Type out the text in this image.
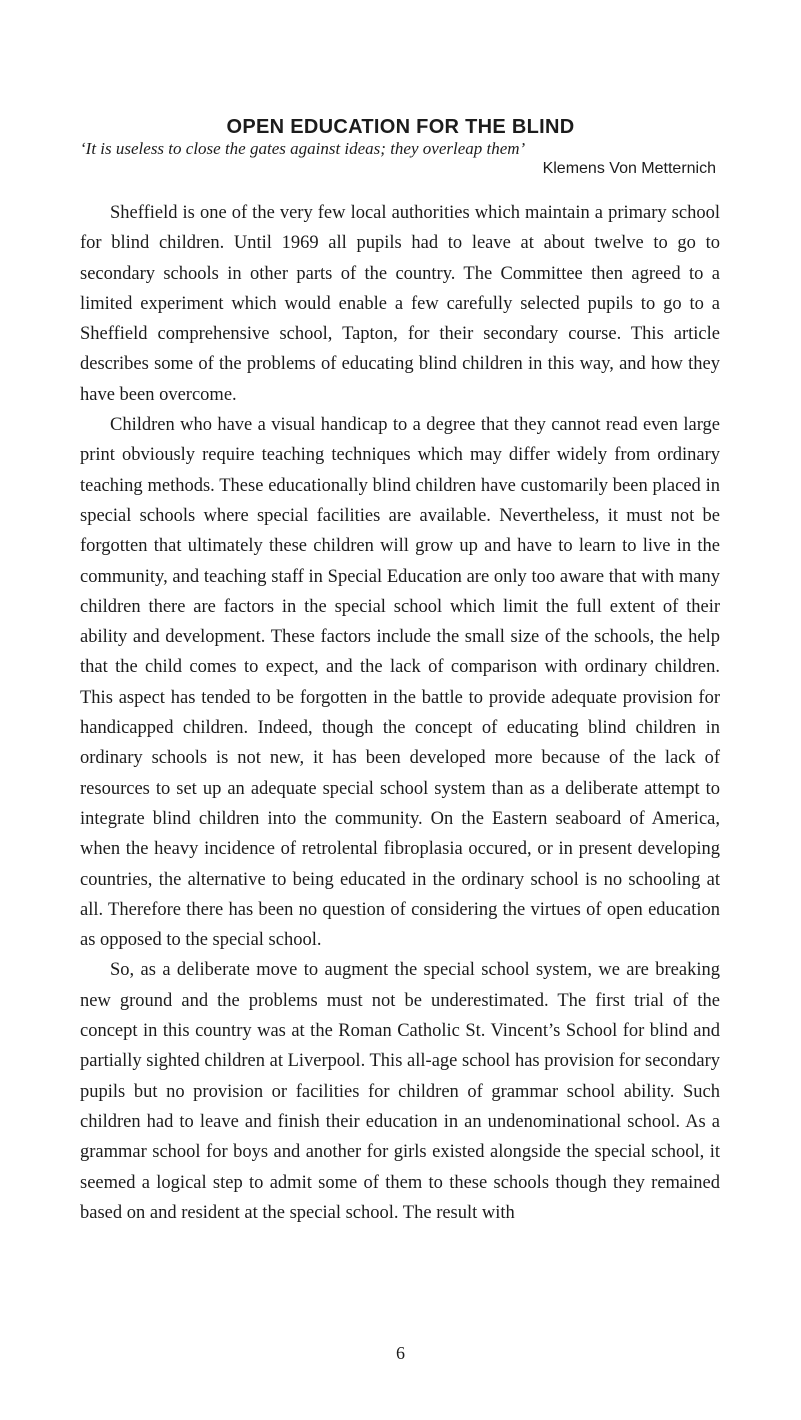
OPEN EDUCATION FOR THE BLIND
‘It is useless to close the gates against ideas; they overleap them’
Klemens Von Metternich

Sheffield is one of the very few local authorities which maintain a primary school for blind children. Until 1969 all pupils had to leave at about twelve to go to secondary schools in other parts of the country. The Committee then agreed to a limited experiment which would enable a few carefully selected pupils to go to a Sheffield comprehensive school, Tapton, for their secondary course. This article describes some of the problems of educating blind children in this way, and how they have been overcome.

Children who have a visual handicap to a degree that they cannot read even large print obviously require teaching techniques which may differ widely from ordinary teaching methods. These educationally blind children have customarily been placed in special schools where special facilities are available. Nevertheless, it must not be forgotten that ultimately these children will grow up and have to learn to live in the community, and teaching staff in Special Education are only too aware that with many children there are factors in the special school which limit the full extent of their ability and development. These factors include the small size of the schools, the help that the child comes to expect, and the lack of comparison with ordinary children. This aspect has tended to be forgotten in the battle to provide adequate provision for handicapped children. Indeed, though the concept of educating blind children in ordinary schools is not new, it has been developed more because of the lack of resources to set up an adequate special school system than as a deliberate attempt to integrate blind children into the community. On the Eastern seaboard of America, when the heavy incidence of retrolental fibroplasia occured, or in present developing countries, the alternative to being educated in the ordinary school is no schooling at all. Therefore there has been no question of considering the virtues of open education as opposed to the special school.

So, as a deliberate move to augment the special school system, we are breaking new ground and the problems must not be underestimated. The first trial of the concept in this country was at the Roman Catholic St. Vincent’s School for blind and partially sighted children at Liverpool. This all-age school has provision for secondary pupils but no provision or facilities for children of grammar school ability. Such children had to leave and finish their education in an undenominational school. As a grammar school for boys and another for girls existed alongside the special school, it seemed a logical step to admit some of them to these schools though they remained based on and resident at the special school. The result with

6
